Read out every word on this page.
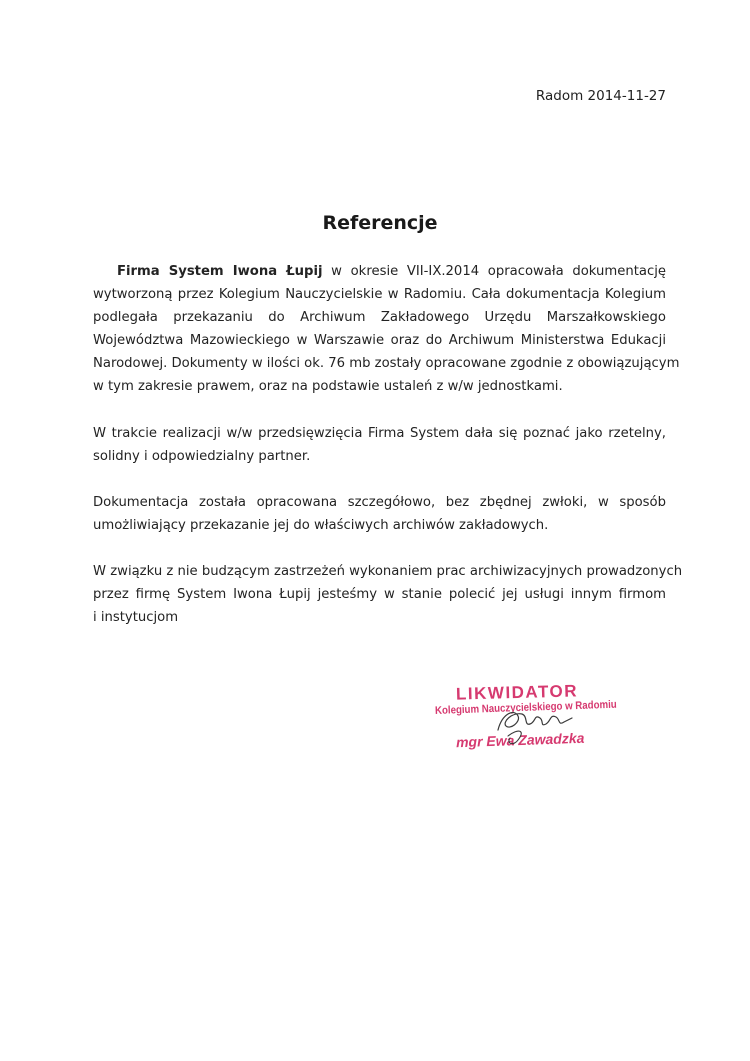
Radom 2014-11-27
Referencje
Firma System Iwona Łupij w okresie VII-IX.2014 opracowała dokumentację
wytworzoną przez Kolegium Nauczycielskie w Radomiu. Cała dokumentacja Kolegium
podlegała przekazaniu do Archiwum Zakładowego Urzędu Marszałkowskiego
Województwa Mazowieckiego w Warszawie oraz do Archiwum Ministerstwa Edukacji
Narodowej. Dokumenty w ilości ok. 76 mb zostały opracowane zgodnie z obowiązującym
w tym zakresie prawem, oraz na podstawie ustaleń z w/w jednostkami.
W trakcie realizacji w/w przedsięwzięcia Firma System dała się poznać jako rzetelny,
solidny i odpowiedzialny partner.
Dokumentacja została opracowana szczegółowo, bez zbędnej zwłoki, w sposób
umożliwiający przekazanie jej do właściwych archiwów zakładowych.
W związku z nie budzącym zastrzeżeń wykonaniem prac archiwizacyjnych prowadzonych
przez firmę System Iwona Łupij jesteśmy w stanie polecić jej usługi innym firmom
i instytucjom
LIKWIDATOR
Kolegium Nauczycielskiego w Radomiu
mgr Ewa Zawadzka
